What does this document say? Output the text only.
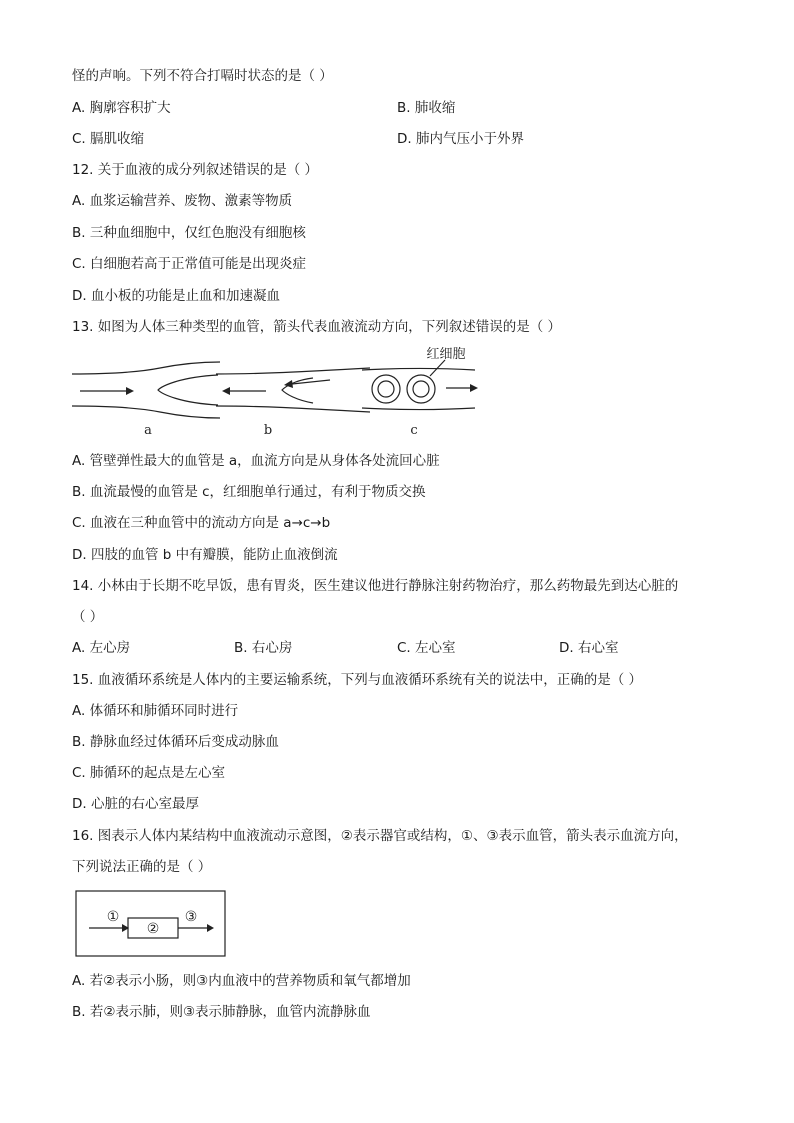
怪的声响。下列不符合打嗝时状态的是（ ）
A. 胸廓容积扩大	B. 肺收缩
C. 膈肌收缩	D. 肺内气压小于外界
12. 关于血液的成分列叙述错误的是（ ）
A. 血浆运输营养、废物、激素等物质
B. 三种血细胞中，仅红色胞没有细胞核
C. 白细胞若高于正常值可能是出现炎症
D. 血小板的功能是止血和加速凝血
13. 如图为人体三种类型的血管，箭头代表血液流动方向，下列叙述错误的是（ ）
a	b	c
红细胞
A. 管壁弹性最大的血管是 a，血流方向是从身体各处流回心脏
B. 血流最慢的血管是 c，红细胞单行通过，有利于物质交换
C. 血液在三种血管中的流动方向是 a→c→b
D. 四肢的血管 b 中有瓣膜，能防止血液倒流
14. 小林由于长期不吃早饭，患有胃炎，医生建议他进行静脉注射药物治疗，那么药物最先到达心脏的
（ ）
A. 左心房	B. 右心房	C. 左心室	D. 右心室
15. 血液循环系统是人体内的主要运输系统，下列与血液循环系统有关的说法中，正确的是（ ）
A. 体循环和肺循环同时进行
B. 静脉血经过体循环后变成动脉血
C. 肺循环的起点是左心室
D. 心脏的右心室最厚
16. 图表示人体内某结构中血液流动示意图，②表示器官或结构，①、③表示血管，箭头表示血流方向，
下列说法正确的是（ ）
①
②
③
A. 若②表示小肠，则③内血液中的营养物质和氧气都增加
B. 若②表示肺，则③表示肺静脉，血管内流静脉血
